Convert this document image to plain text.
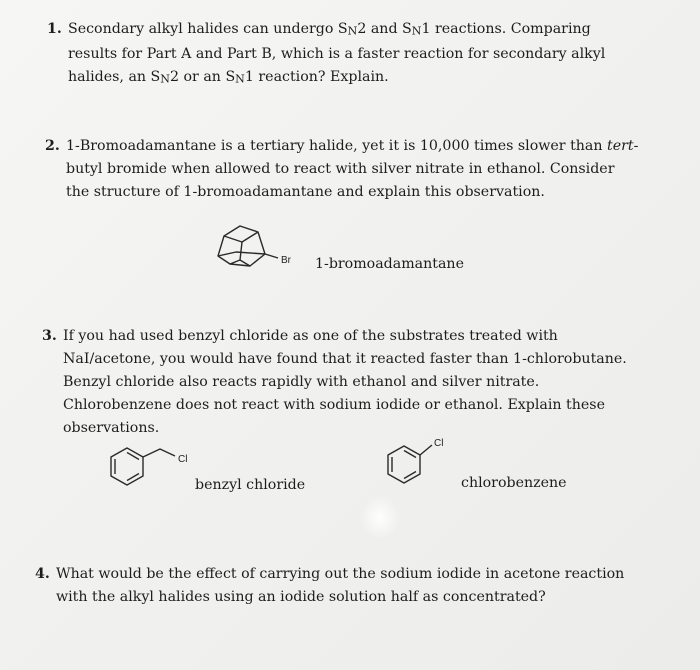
1. Secondary alkyl halides can undergo SN2 and SN1 reactions. Comparing results for Part A and Part B, which is a faster reaction for secondary alkyl halides, an SN2 or an SN1 reaction? Explain.
2. 1-Bromoadamantane is a tertiary halide, yet it is 10,000 times slower than tert- butyl bromide when allowed to react with silver nitrate in ethanol. Consider the structure of 1-bromoadamantane and explain this observation.
Br 1-bromoadamantane
3. If you had used benzyl chloride as one of the substrates treated with NaI/acetone, you would have found that it reacted faster than 1-chlorobutane. Benzyl chloride also reacts rapidly with ethanol and silver nitrate. Chlorobenzene does not react with sodium iodide or ethanol. Explain these observations.
Cl
benzyl chloride
Cl
chlorobenzene
4. What would be the effect of carrying out the sodium iodide in acetone reaction with the alkyl halides using an iodide solution half as concentrated?
